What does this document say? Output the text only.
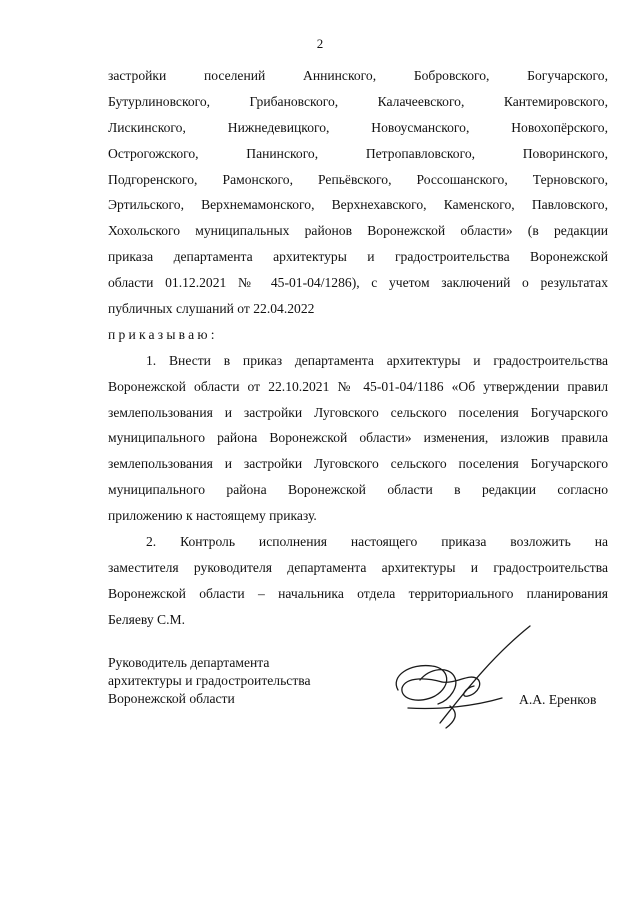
2
застройки поселений Аннинского, Бобровского, Богучарского,
Бутурлиновского, Грибановского, Калачеевского, Кантемировского,
Лискинского, Нижнедевицкого, Новоусманского, Новохопёрского,
Острогожского, Панинского, Петропавловского, Поворинского,
Подгоренского, Рамонского, Репьёвского, Россошанского, Терновского,
Эртильского, Верхнемамонского, Верхнехавского, Каменского, Павловского,
Хохольского муниципальных районов Воронежской области» (в редакции
приказа департамента архитектуры и градостроительства Воронежской
области 01.12.2021 № 45-01-04/1286), с учетом заключений о результатах
публичных слушаний от 22.04.2022
приказываю:
1. Внести в приказ департамента архитектуры и градостроительства
Воронежской области от 22.10.2021 № 45-01-04/1186 «Об утверждении правил
землепользования и застройки Луговского сельского поселения Богучарского
муниципального района Воронежской области» изменения, изложив правила
землепользования и застройки Луговского сельского поселения Богучарского
муниципального района Воронежской области в редакции согласно
приложению к настоящему приказу.
2. Контроль исполнения настоящего приказа возложить на
заместителя руководителя департамента архитектуры и градостроительства
Воронежской области – начальника отдела территориального планирования
Беляеву С.М.
Руководитель департамента
архитектуры и градостроительства
Воронежской области	А.А. Еренков
